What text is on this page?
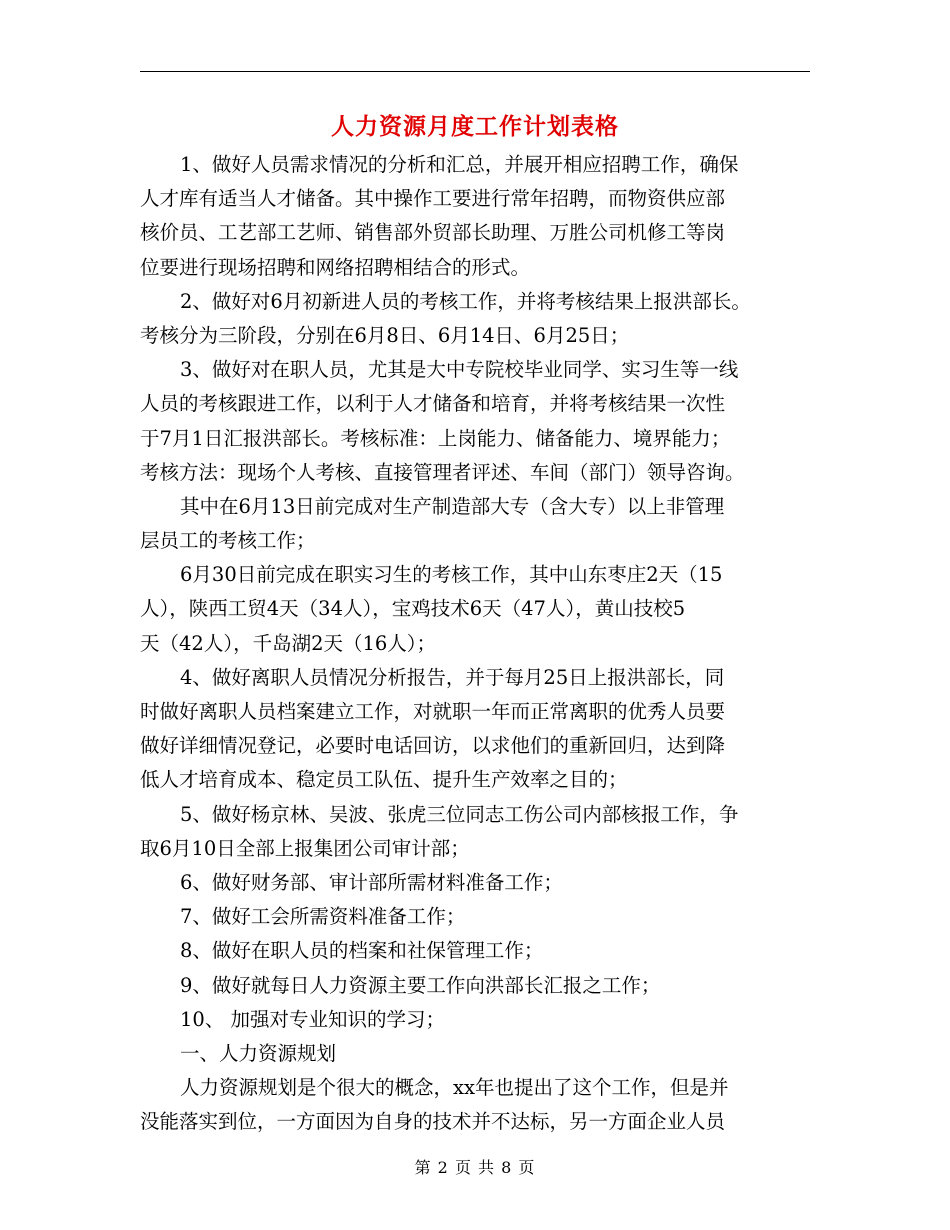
人力资源月度工作计划表格
1、做好人员需求情况的分析和汇总，并展开相应招聘工作，确保
人才库有适当人才储备。其中操作工要进行常年招聘，而物资供应部
核价员、工艺部工艺师、销售部外贸部长助理、万胜公司机修工等岗
位要进行现场招聘和网络招聘相结合的形式。
2、做好对6月初新进人员的考核工作，并将考核结果上报洪部长。
考核分为三阶段，分别在6月8日、6月14日、6月25日；
3、做好对在职人员，尤其是大中专院校毕业同学、实习生等一线
人员的考核跟进工作，以利于人才储备和培育，并将考核结果一次性
于7月1日汇报洪部长。考核标准：上岗能力、储备能力、境界能力；
考核方法：现场个人考核、直接管理者评述、车间（部门）领导咨询。
其中在6月13日前完成对生产制造部大专（含大专）以上非管理
层员工的考核工作；
6月30日前完成在职实习生的考核工作，其中山东枣庄2天（15
人），陕西工贸4天（34人），宝鸡技术6天（47人），黄山技校5
天（42人），千岛湖2天（16人）；
4、做好离职人员情况分析报告，并于每月25日上报洪部长，同
时做好离职人员档案建立工作，对就职一年而正常离职的优秀人员要
做好详细情况登记，必要时电话回访，以求他们的重新回归，达到降
低人才培育成本、稳定员工队伍、提升生产效率之目的；
5、做好杨京林、吴波、张虎三位同志工伤公司内部核报工作，争
取6月10日全部上报集团公司审计部；
6、做好财务部、审计部所需材料准备工作；
7、做好工会所需资料准备工作；
8、做好在职人员的档案和社保管理工作；
9、做好就每日人力资源主要工作向洪部长汇报之工作；
10、 加强对专业知识的学习；
一、人力资源规划
人力资源规划是个很大的概念，xx年也提出了这个工作，但是并
没能落实到位，一方面因为自身的技术并不达标，另一方面企业人员
第 2 页 共 8 页
